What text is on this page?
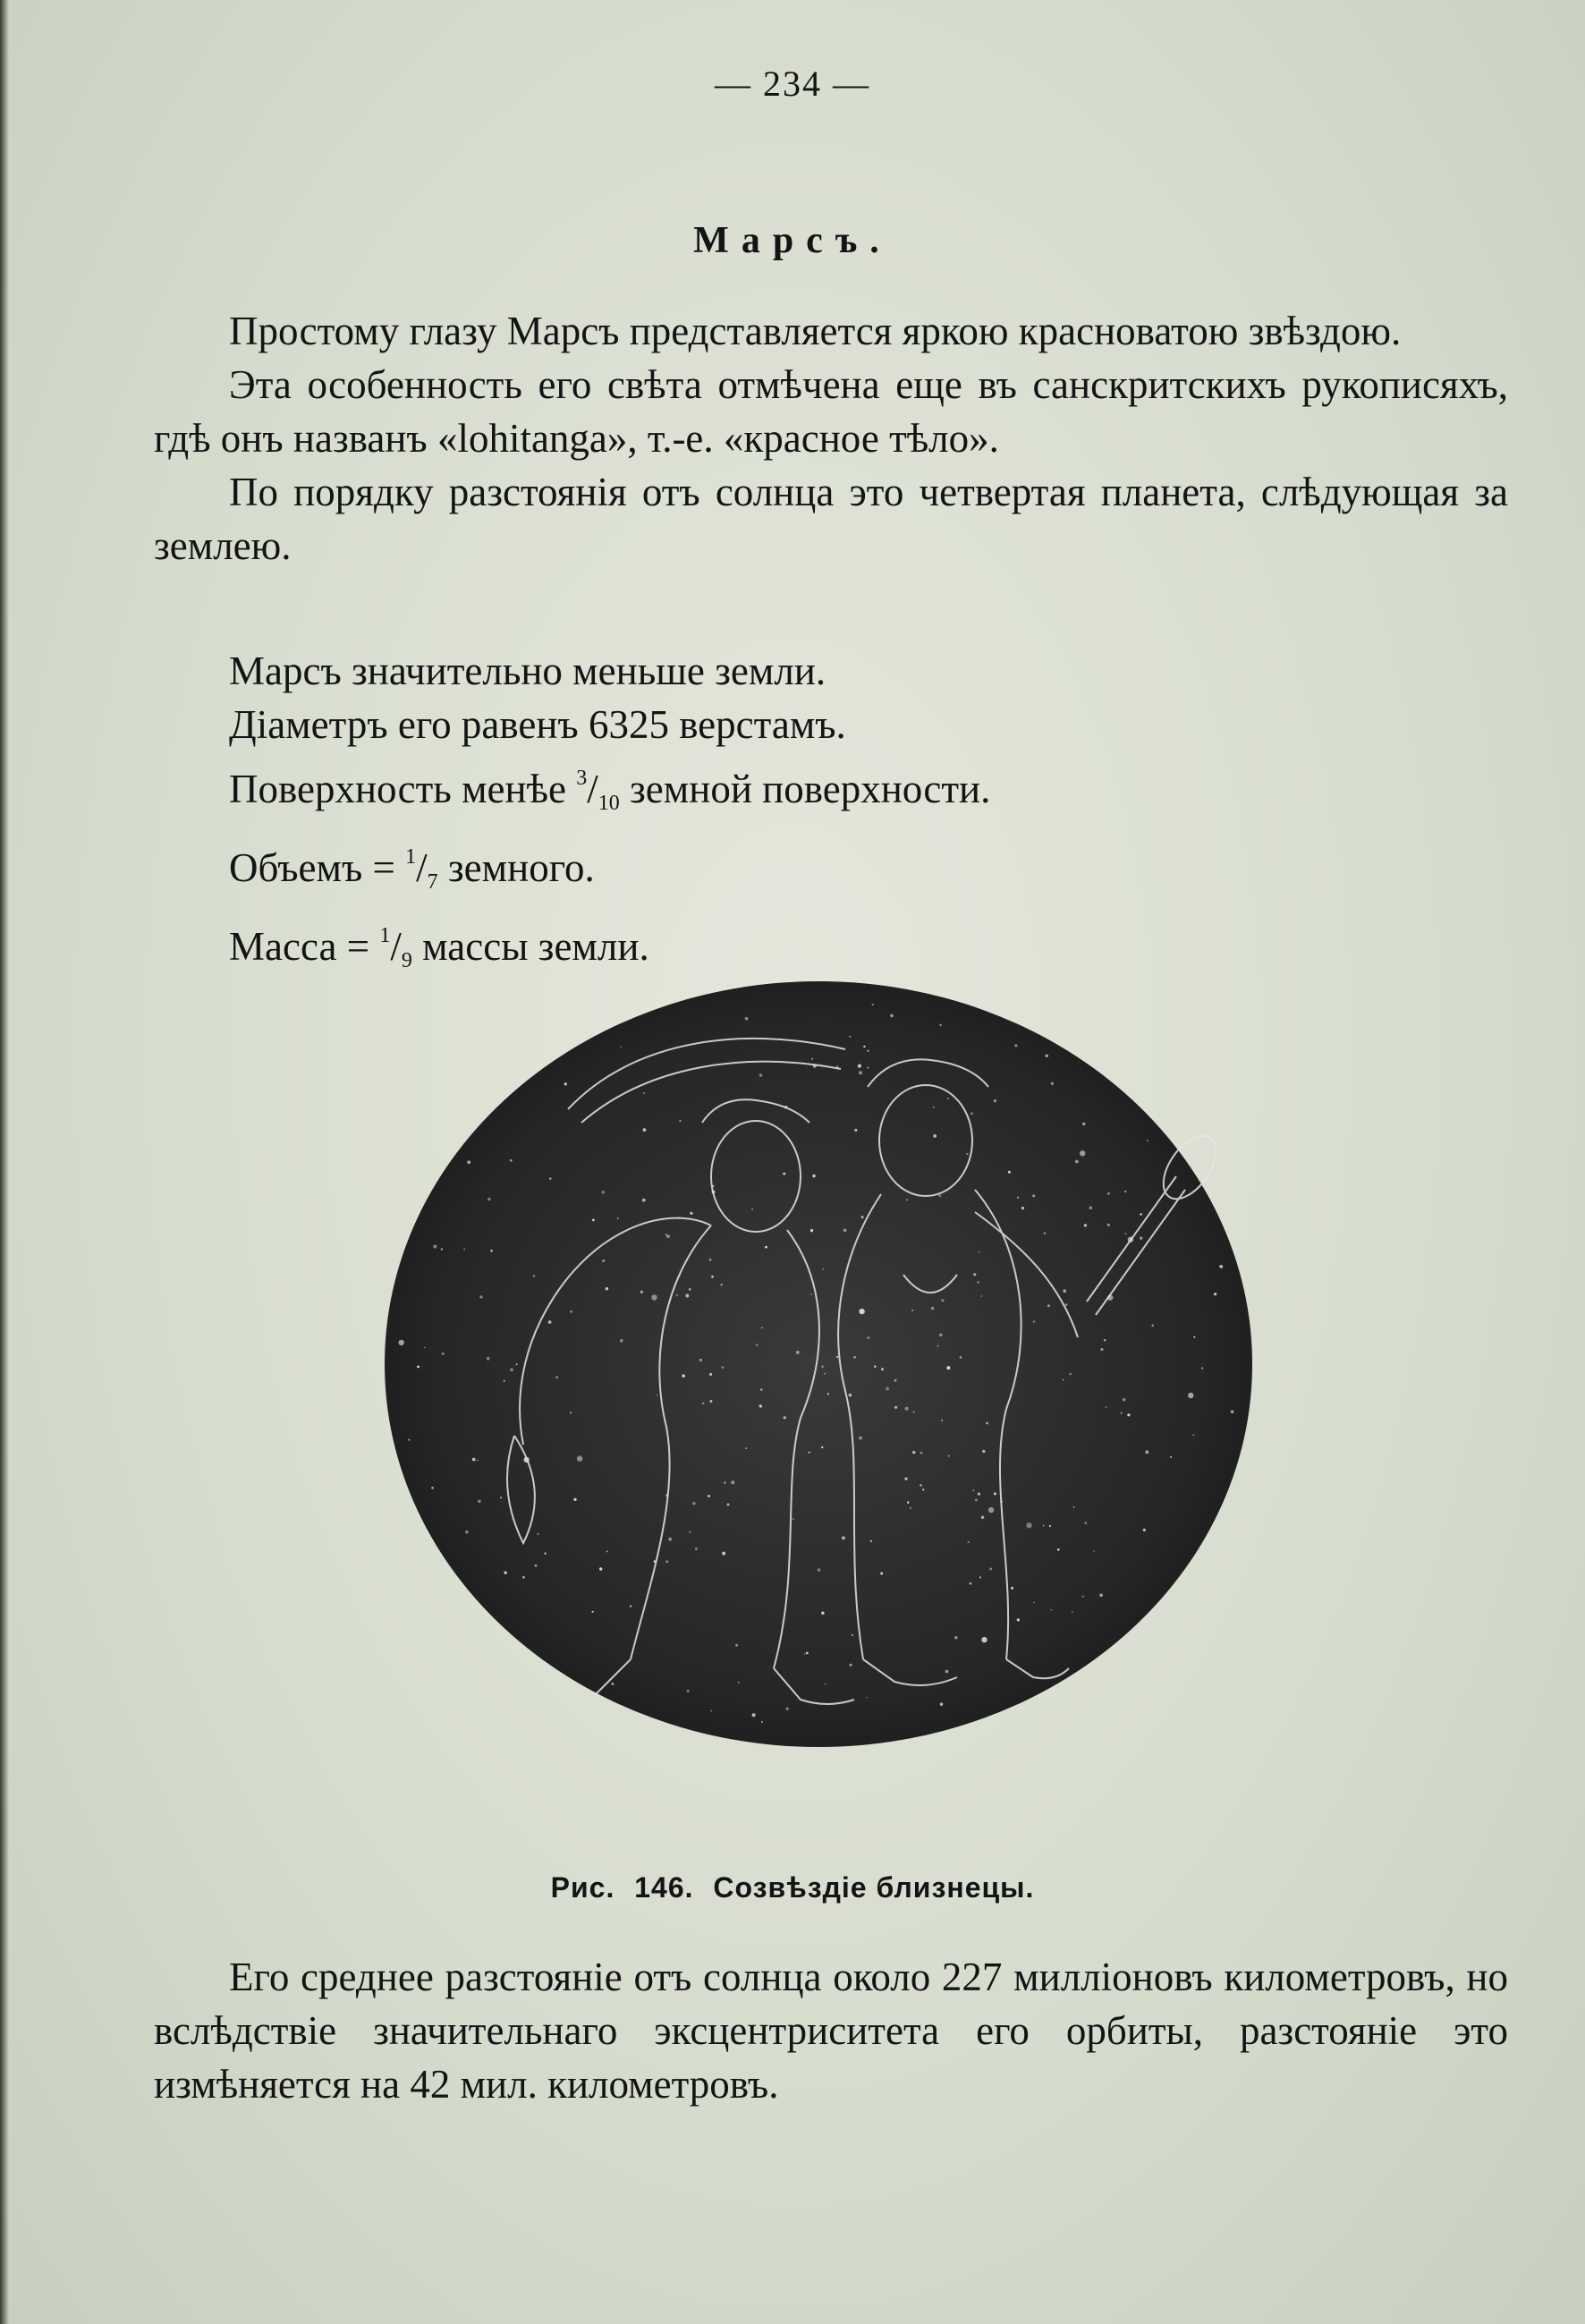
— 234 —
Марсъ.

Простому глазу Марсъ представляется яркою красноватою звѣздою.

Эта особенность его свѣта отмѣчена еще въ санскритскихъ рукописяхъ, гдѣ онъ названъ «lohitanga», т.-е. «красное тѣло».

По порядку разстоянія отъ солнца это четвертая планета, слѣдующая за землею.

Марсъ значительно меньше земли.

Діаметръ его равенъ 6325 верстамъ.

Поверхность менѣе $^3/_{10}$ земной поверхности.

Объемъ = $^1/_7$ земного.

Масса = $^1/_9$ массы земли.

Рис. 146. Созвѣздіе близнецы.

Его среднее разстояніе отъ солнца около 227 милліоновъ километровъ, но вслѣдствіе значительнаго эксцентриситета его орбиты, разстояніе это измѣняется на 42 мил. километровъ.
